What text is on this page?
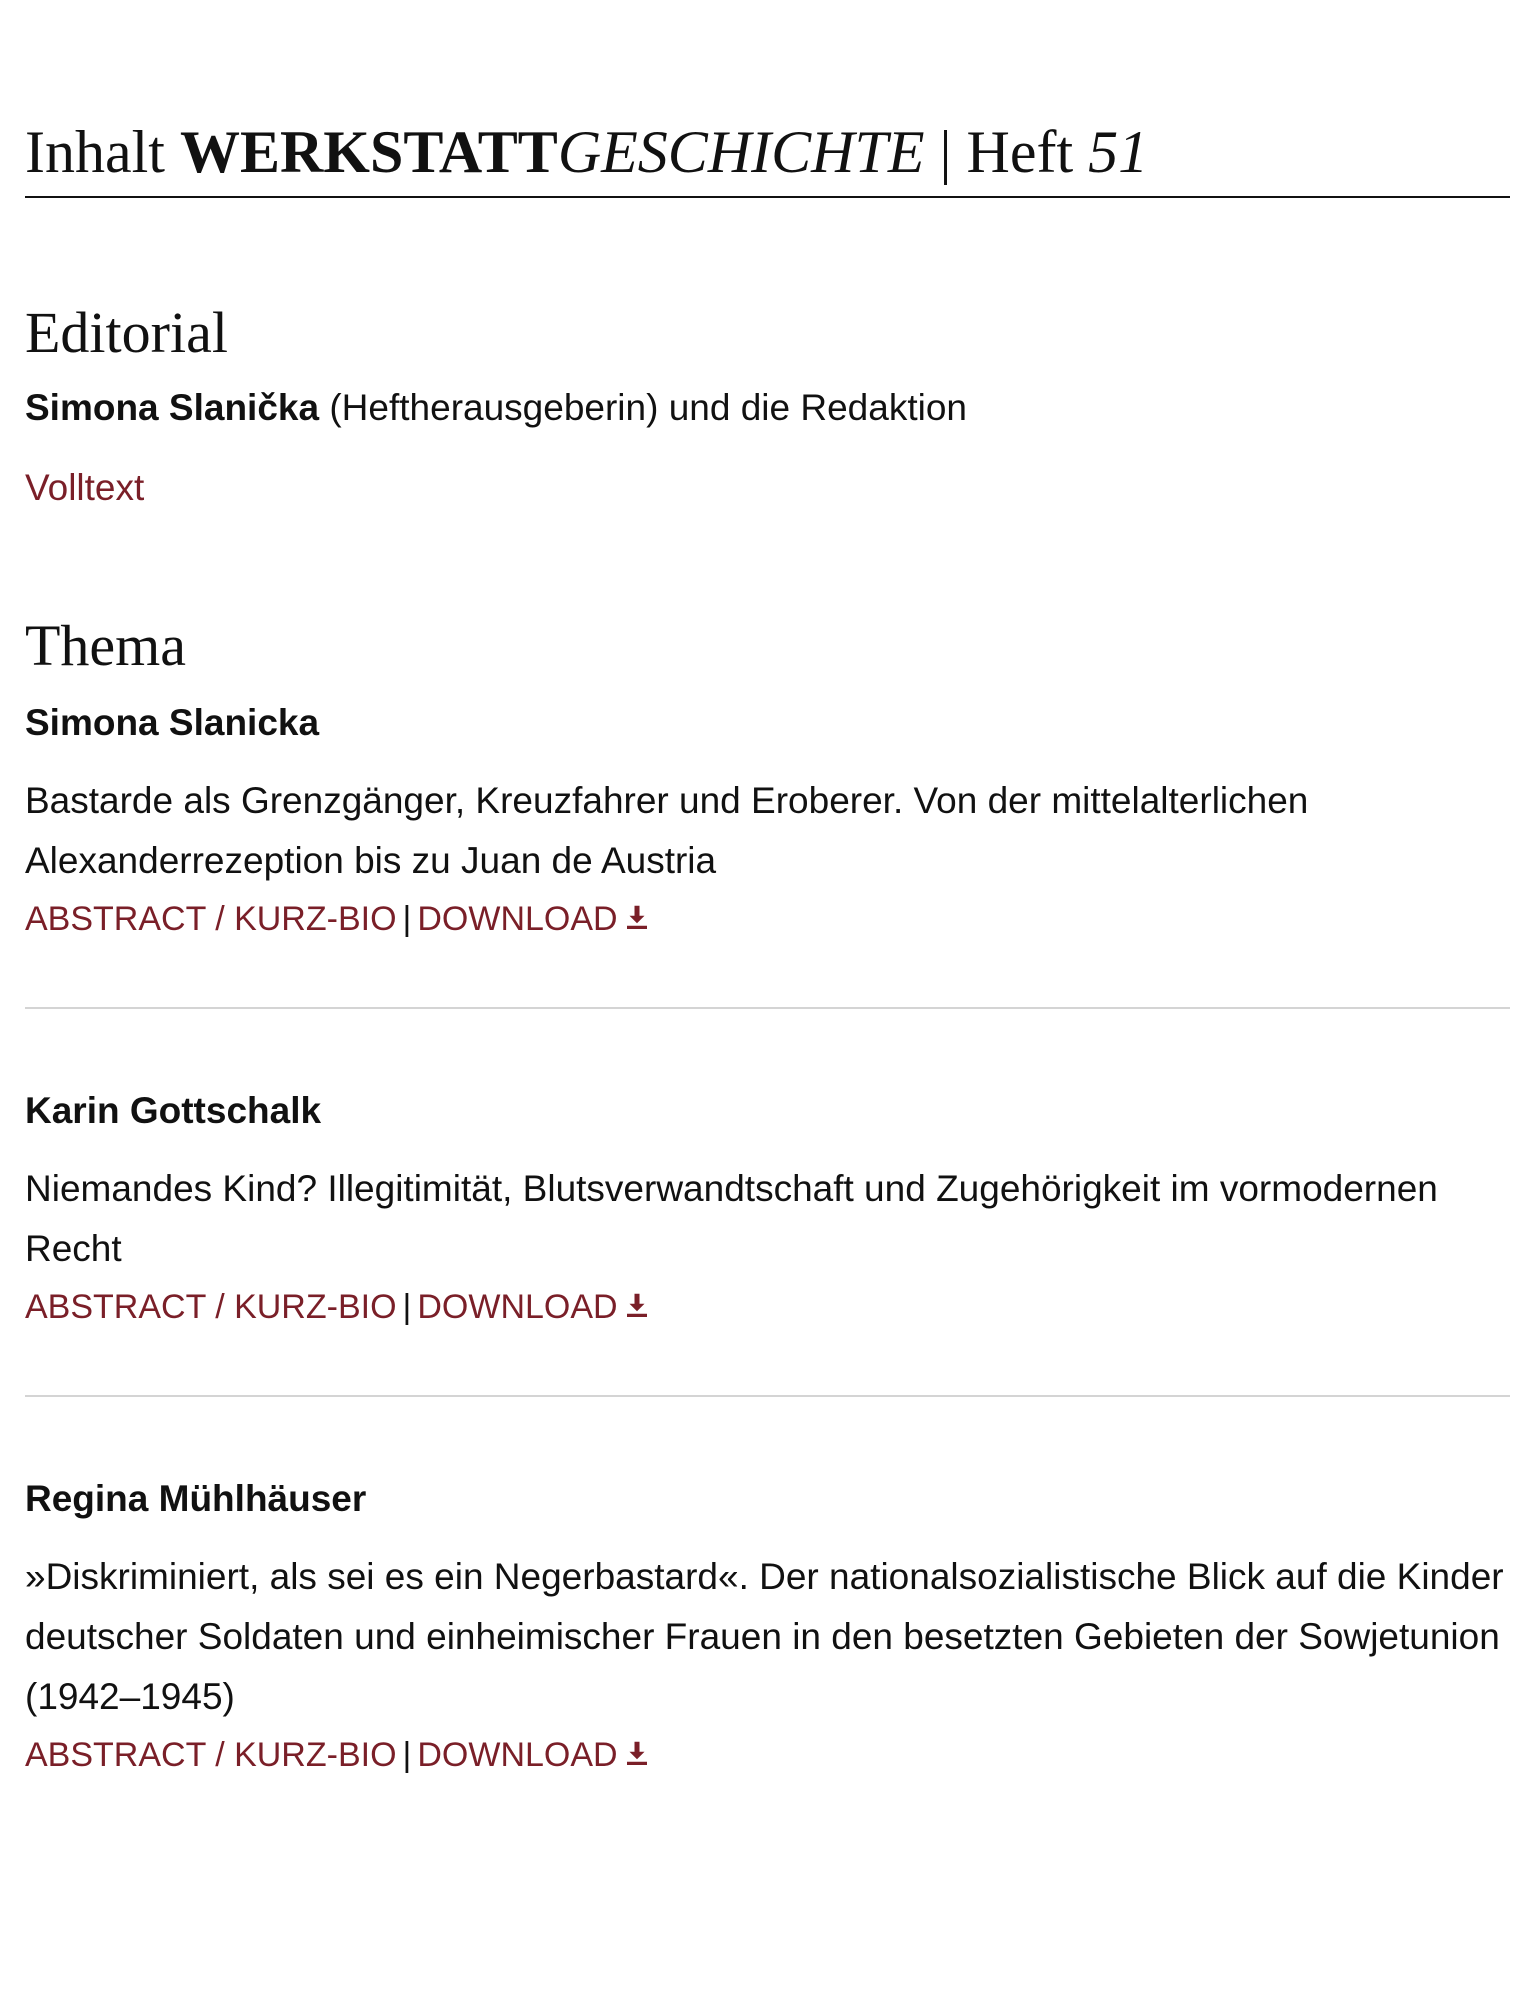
Inhalt WERKSTATTGESCHICHTE | Heft 51
Editorial
Simona Slanička (Heftherausgeberin) und die Redaktion
Volltext
Thema

Simona Slanicka

Bastarde als Grenzgänger, Kreuzfahrer und Eroberer. Von der mittelalterlichen Alexanderrezeption bis zu Juan de Austria
ABSTRACT / KURZ-BIO | DOWNLOAD

Karin Gottschalk

Niemandes Kind? Illegitimität, Blutsverwandtschaft und Zugehörigkeit im vormodernen Recht
ABSTRACT / KURZ-BIO | DOWNLOAD

Regina Mühlhäuser

»Diskriminiert, als sei es ein Negerbastard«. Der nationalsozialistische Blick auf die Kinder deutscher Soldaten und einheimischer Frauen in den besetzten Gebieten der Sowjetunion (1942–1945)
ABSTRACT / KURZ-BIO | DOWNLOAD
